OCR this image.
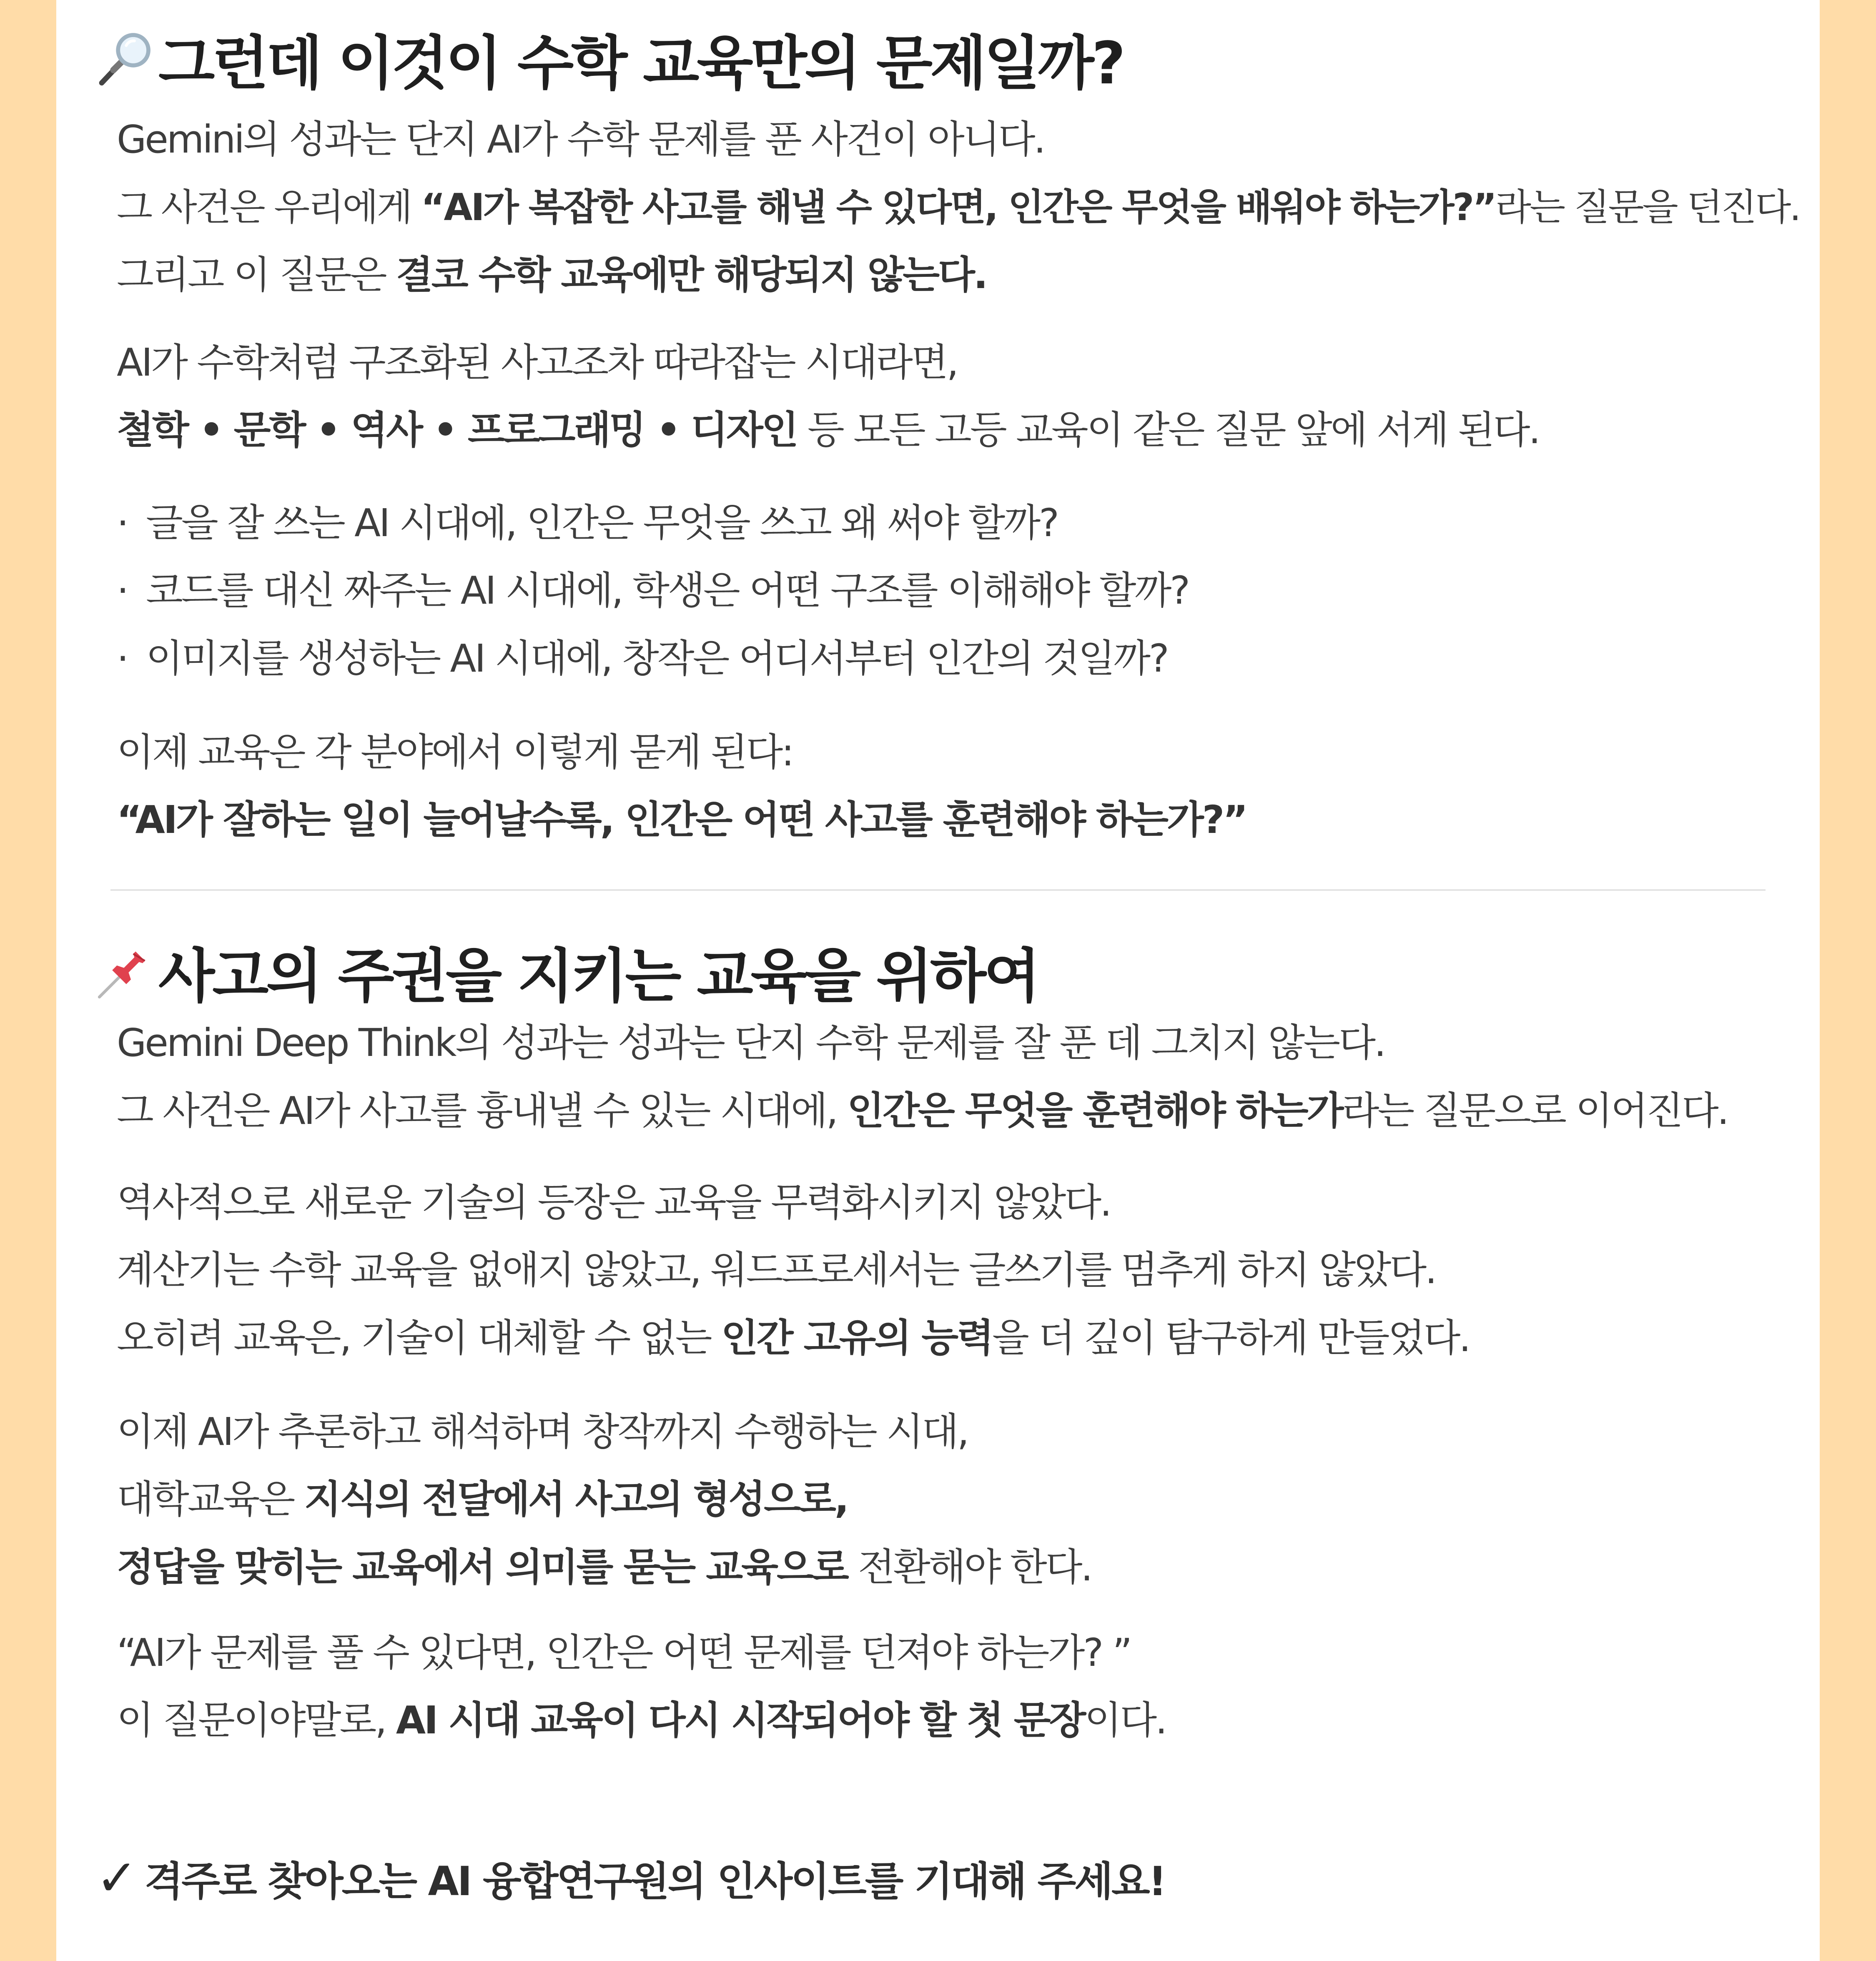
그런데 이것이 수학 교육만의 문제일까?
Gemini의 성과는 단지 AI가 수학 문제를 푼 사건이 아니다.
그 사건은 우리에게 “AI가 복잡한 사고를 해낼 수 있다면, 인간은 무엇을 배워야 하는가?”라는 질문을 던진다.
그리고 이 질문은 결코 수학 교육에만 해당되지 않는다.
AI가 수학처럼 구조화된 사고조차 따라잡는 시대라면,
철학 • 문학 • 역사 • 프로그래밍 • 디자인 등 모든 고등 교육이 같은 질문 앞에 서게 된다.
· 글을 잘 쓰는 AI 시대에, 인간은 무엇을 쓰고 왜 써야 할까?
· 코드를 대신 짜주는 AI 시대에, 학생은 어떤 구조를 이해해야 할까?
· 이미지를 생성하는 AI 시대에, 창작은 어디서부터 인간의 것일까?
이제 교육은 각 분야에서 이렇게 묻게 된다:
“AI가 잘하는 일이 늘어날수록, 인간은 어떤 사고를 훈련해야 하는가?”
사고의 주권을 지키는 교육을 위하여
Gemini Deep Think의 성과는 성과는 단지 수학 문제를 잘 푼 데 그치지 않는다.
그 사건은 AI가 사고를 흉내낼 수 있는 시대에, 인간은 무엇을 훈련해야 하는가라는 질문으로 이어진다.
역사적으로 새로운 기술의 등장은 교육을 무력화시키지 않았다.
계산기는 수학 교육을 없애지 않았고, 워드프로세서는 글쓰기를 멈추게 하지 않았다.
오히려 교육은, 기술이 대체할 수 없는 인간 고유의 능력을 더 깊이 탐구하게 만들었다.
이제 AI가 추론하고 해석하며 창작까지 수행하는 시대,
대학교육은 지식의 전달에서 사고의 형성으로,
정답을 맞히는 교육에서 의미를 묻는 교육으로 전환해야 한다.
“AI가 문제를 풀 수 있다면, 인간은 어떤 문제를 던져야 하는가? ”
이 질문이야말로, AI 시대 교육이 다시 시작되어야 할 첫 문장이다.
✓ 격주로 찾아오는 AI 융합연구원의 인사이트를 기대해 주세요!
